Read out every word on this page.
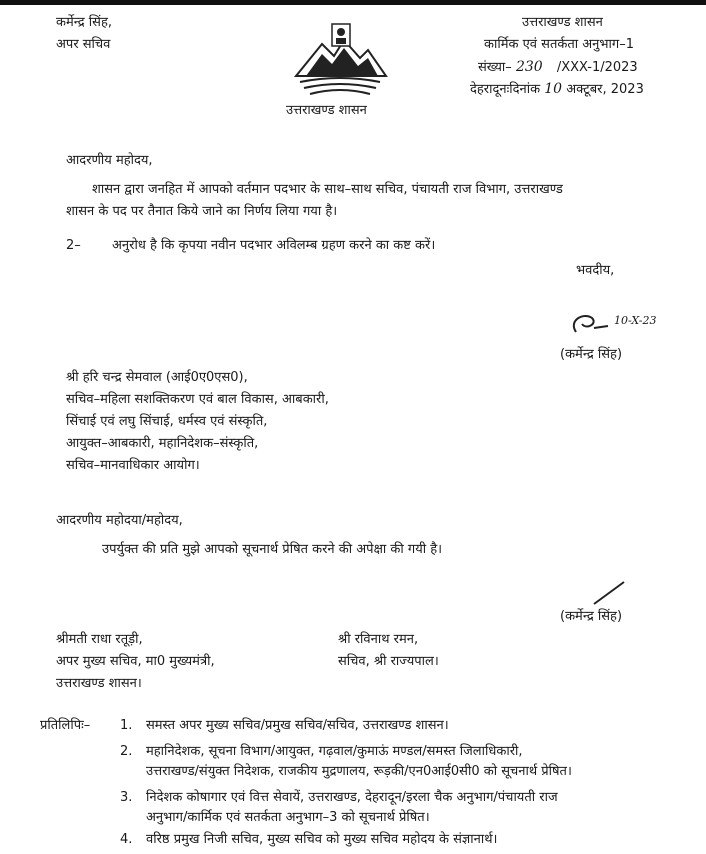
कर्मेन्द्र सिंह,
अपर सचिव
उत्तराखण्ड शासन
उत्तराखण्ड शासन
कार्मिक एवं सतर्कता अनुभाग–1
संख्या– 230 /XXX-1/2023
देहरादूनःदिनांक 10 अक्टूबर, 2023
आदरणीय महोदय,
शासन द्वारा जनहित में आपको वर्तमान पदभार के साथ–साथ सचिव, पंचायती राज विभाग, उत्तराखण्ड
शासन के पद पर तैनात किये जाने का निर्णय लिया गया है।
2– अनुरोध है कि कृपया नवीन पदभार अविलम्ब ग्रहण करने का कष्ट करें।
भवदीय,
10-X-23
(कर्मेन्द्र सिंह)
श्री हरि चन्द्र सेमवाल (आई0ए0एस0),
सचिव–महिला सशक्तिकरण एवं बाल विकास, आबकारी,
सिंचाई एवं लघु सिंचाई, धर्मस्व एवं संस्कृति,
आयुक्त–आबकारी, महानिदेशक–संस्कृति,
सचिव–मानवाधिकार आयोग।
आदरणीय महोदया/महोदय,
उपर्युक्त की प्रति मुझे आपको सूचनार्थ प्रेषित करने की अपेक्षा की गयी है।
(कर्मेन्द्र सिंह)
श्रीमती राधा रतूड़ी,
अपर मुख्य सचिव, मा0 मुख्यमंत्री,
उत्तराखण्ड शासन।
श्री रविनाथ रमन,
सचिव, श्री राज्यपाल।
प्रतिलिपिः– 1. समस्त अपर मुख्य सचिव/प्रमुख सचिव/सचिव, उत्तराखण्ड शासन।
2. महानिदेशक, सूचना विभाग/आयुक्त, गढ़वाल/कुमाऊं मण्डल/समस्त जिलाधिकारी,
उत्तराखण्ड/संयुक्त निदेशक, राजकीय मुद्रणालय, रूड़की/एन0आई0सी0 को सूचनार्थ प्रेषित।
3. निदेशक कोषागार एवं वित्त सेवायें, उत्तराखण्ड, देहरादून/इरला चैक अनुभाग/पंचायती राज
अनुभाग/कार्मिक एवं सतर्कता अनुभाग–3 को सूचनार्थ प्रेषित।
4. वरिष्ठ प्रमुख निजी सचिव, मुख्य सचिव को मुख्य सचिव महोदय के संज्ञानार्थ।
